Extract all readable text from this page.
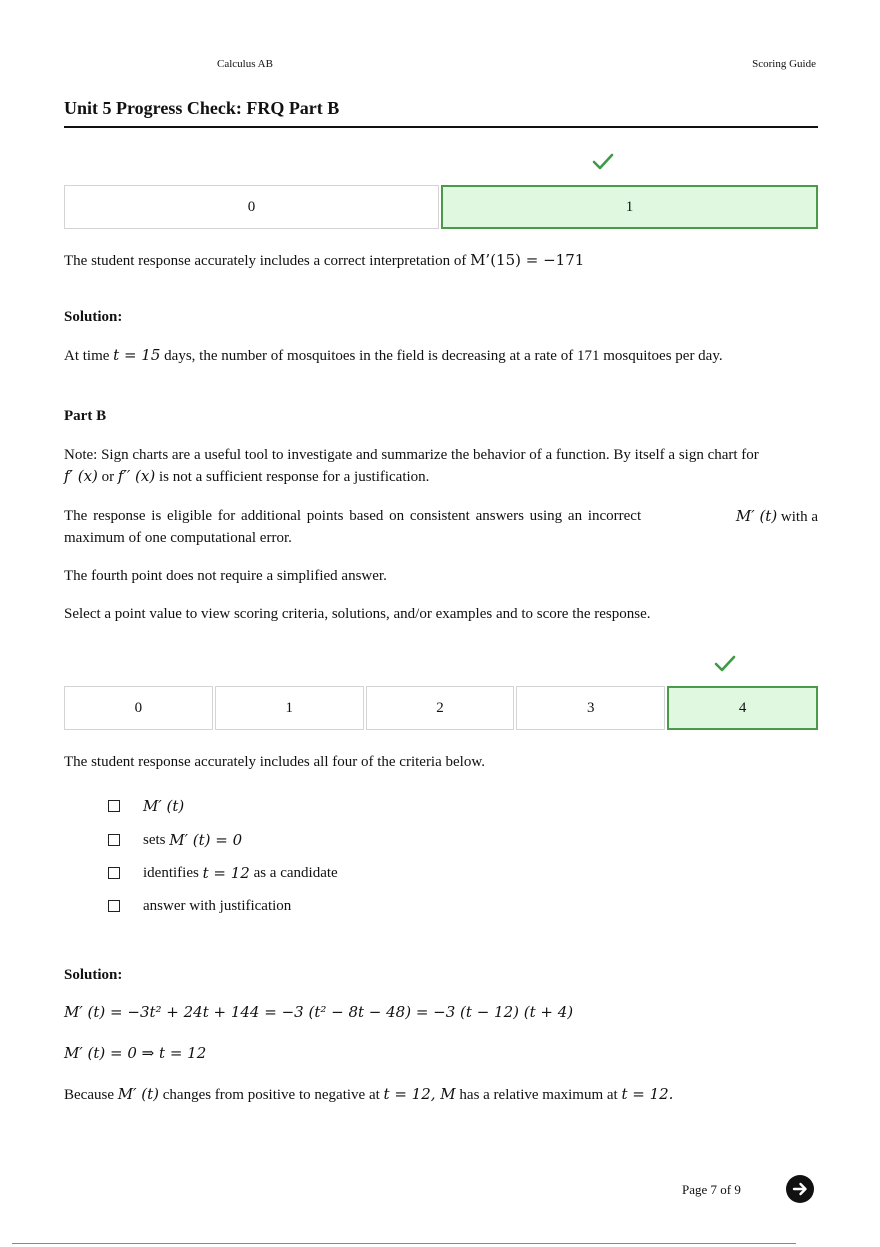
Calculus AB	Scoring Guide
Unit 5 Progress Check: FRQ Part B
0	1

The student response accurately includes a correct interpretation of M’(15) = −171

Solution:

At time t = 15 days, the number of mosquitoes in the field is decreasing at a rate of 171 mosquitoes per day.

Part B

Note: Sign charts are a useful tool to investigate and summarize the behavior of a function. By itself a sign chart for

f′ (x) or f′′ (x) is not a sufficient response for a justification.

The response is eligible for additional points based on consistent answers using an incorrect	M′ (t) with a

maximum of one computational error.

The fourth point does not require a simplified answer.

Select a point value to view scoring criteria, solutions, and/or examples and to score the response.

0	1	2	3	4

The student response accurately includes all four of the criteria below.

M′ (t)
sets
M′ (t) = 0
identifies
t = 12
as a candidate
answer with justification

Solution:

M′ (t) = −3t² + 24t + 144 = −3 (t² − 8t − 48) = −3 (t − 12) (t + 4)

M′ (t) = 0 ⇒ t = 12

Because M′ (t) changes from positive to negative at t = 12, M has a relative maximum at t = 12.

Page 7 of 9
